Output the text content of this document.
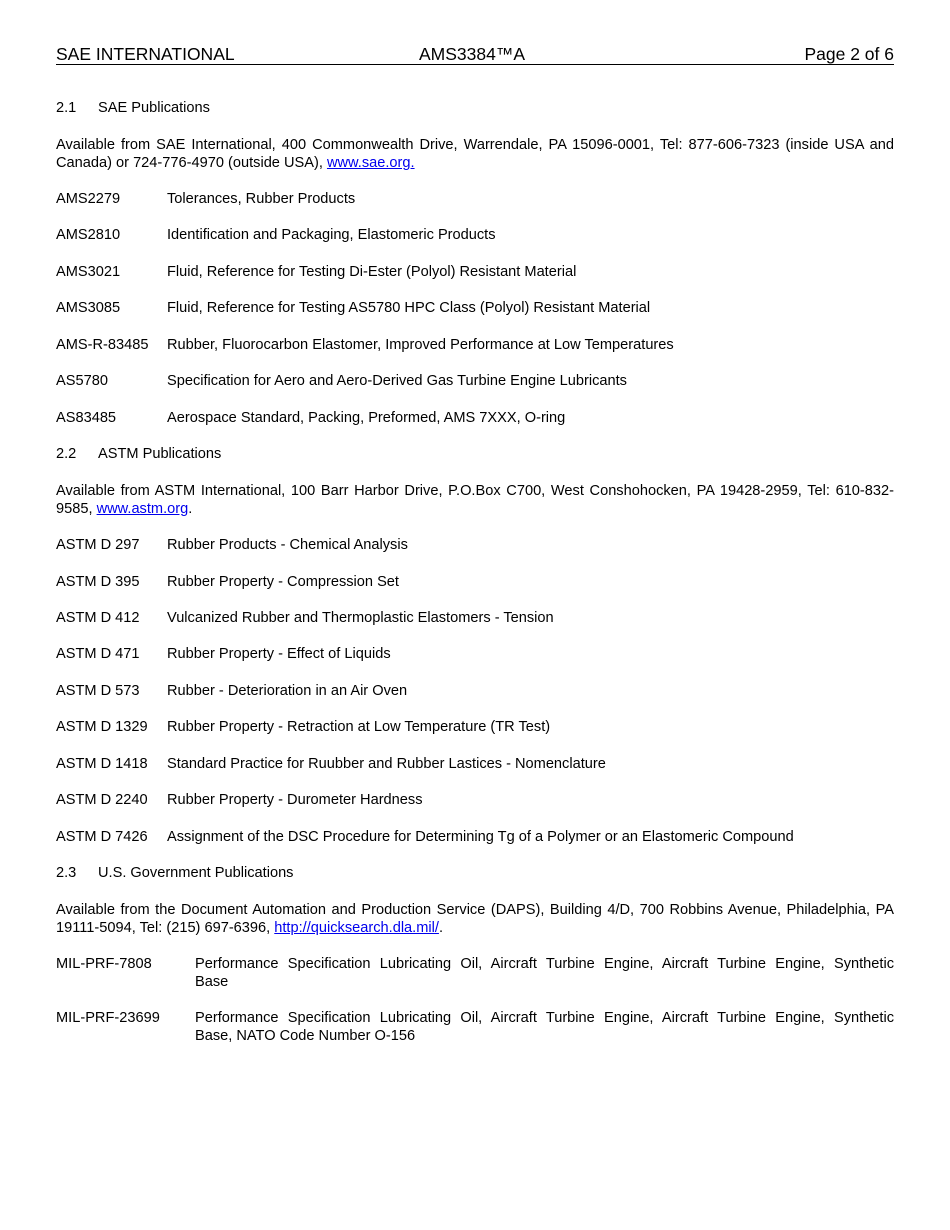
SAE INTERNATIONAL	AMS3384™A	Page 2 of 6
2.1 SAE Publications
Available from SAE International, 400 Commonwealth Drive, Warrendale, PA 15096-0001, Tel: 877-606-7323 (inside USA and Canada) or 724-776-4970 (outside USA), www.sae.org.
AMS2279	Tolerances, Rubber Products
AMS2810	Identification and Packaging, Elastomeric Products
AMS3021	Fluid, Reference for Testing Di-Ester (Polyol) Resistant Material
AMS3085	Fluid, Reference for Testing AS5780 HPC Class (Polyol) Resistant Material
AMS-R-83485 Rubber, Fluorocarbon Elastomer, Improved Performance at Low Temperatures
AS5780	Specification for Aero and Aero-Derived Gas Turbine Engine Lubricants
AS83485	Aerospace Standard, Packing, Preformed, AMS 7XXX, O-ring
2.2 ASTM Publications
Available from ASTM International, 100 Barr Harbor Drive, P.O.Box C700, West Conshohocken, PA 19428-2959, Tel: 610-832-9585, www.astm.org.
ASTM D 297 Rubber Products - Chemical Analysis
ASTM D 395 Rubber Property - Compression Set
ASTM D 412 Vulcanized Rubber and Thermoplastic Elastomers - Tension
ASTM D 471 Rubber Property - Effect of Liquids
ASTM D 573 Rubber - Deterioration in an Air Oven
ASTM D 1329 Rubber Property - Retraction at Low Temperature (TR Test)
ASTM D 1418 Standard Practice for Ruubber and Rubber Lastices - Nomenclature
ASTM D 2240 Rubber Property - Durometer Hardness
ASTM D 7426 Assignment of the DSC Procedure for Determining Tg of a Polymer or an Elastomeric Compound
2.3 U.S. Government Publications
Available from the Document Automation and Production Service (DAPS), Building 4/D, 700 Robbins Avenue, Philadelphia, PA 19111-5094, Tel: (215) 697-6396, http://quicksearch.dla.mil/.
MIL-PRF-7808	Performance Specification Lubricating Oil, Aircraft Turbine Engine, Aircraft Turbine Engine, Synthetic
Base
MIL-PRF-23699 Performance Specification Lubricating Oil, Aircraft Turbine Engine, Aircraft Turbine Engine, Synthetic
Base, NATO Code Number O-156
